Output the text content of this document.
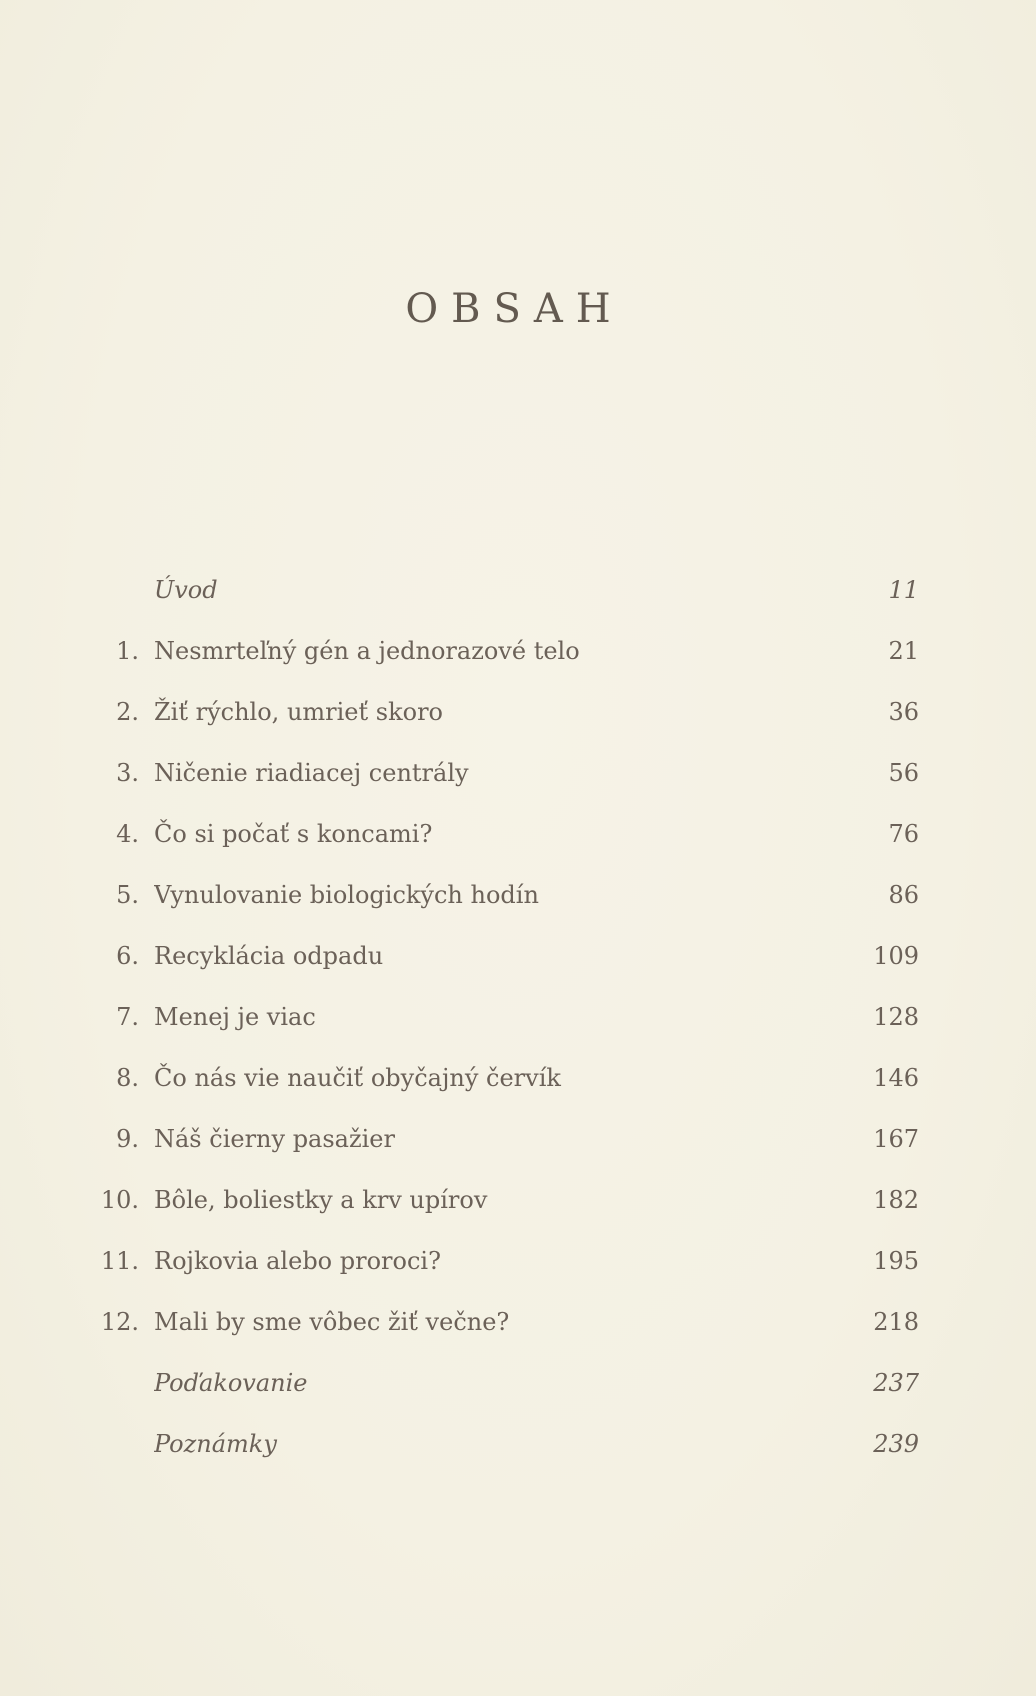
OBSAH
Úvod	11
1. Nesmrteľný gén a jednorazové telo	21
2. Žiť rýchlo, umrieť skoro	36
3. Ničenie riadiacej centrály	56
4. Čo si počať s koncami?	76
5. Vynulovanie biologických hodín	86
6. Recyklácia odpadu	109
7. Menej je viac	128
8. Čo nás vie naučiť obyčajný červík	146
9. Náš čierny pasažier	167
10. Bôle, boliestky a krv upírov	182
11. Rojkovia alebo proroci?	195
12. Mali by sme vôbec žiť večne?	218
Poďakovanie	237
Poznámky	239
